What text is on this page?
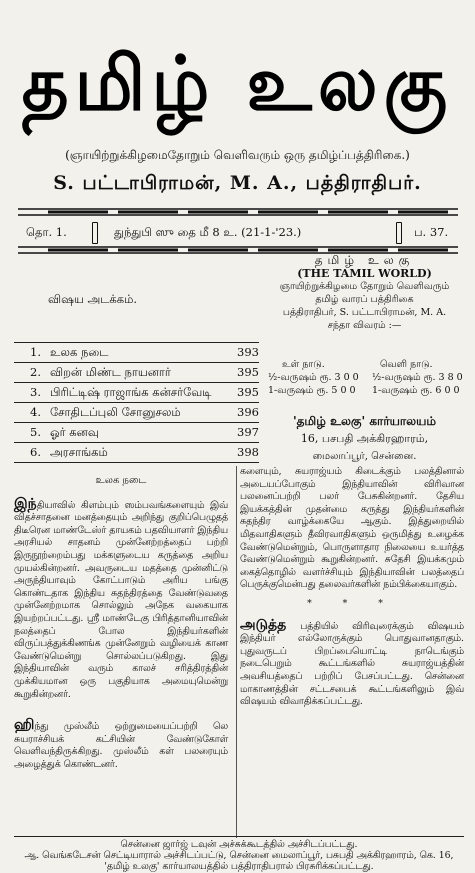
தமிழ் உலகு
(ஞாயிற்றுக்கிழமைதோறும் வெளிவரும் ஒரு தமிழ்ப்பத்திரிகை.)
S. பட்டாபிராமன், M. A., பத்திராதிபர்.
தொ. 1.	துந்துபி ஸு தை மீ 8 உ. (21-1-'23.)	ப. 37.
விஷய அடக்கம்.
1. உலக நடை	393
2. விறன் மிண்ட நாயனார்	395
3. பிரிட்டிஷ் ராஜாங்க கன்சர்வேடி 395
4. சோதிடப்புலி சோனுசலம்	396
5. ஓர் கனவு	397
6. அரசாங்கம்	398
தமிழ் உலகு
(THE TAMIL WORLD)
ஞாயிற்றுக்கிழமை தோறும் வெளிவரும்
தமிழ் வாரப் பத்திரிகை
பத்திராதிபர், S. பட்டாபிராமன், M. A.
சந்தா விவரம் :—
உள் நாடு.	வெளி நாடு.
½-வருஷம் ரூ. 3 0 0 ½-வருஷம் ரூ. 3 8 0
1-வருஷம் ரூ. 5 0 0 1-வருஷம் ரூ. 6 0 0
'தமிழ் உலகு' கார்யாலயம்
16, பசபதி அக்கிரஹாரம்,
மைலாப்பூர், சென்னை.
உலக நடை

இந்தியாவில் கிளம்பும் ஸம்பவங்களையும் இவ் விதச்சாதனை மனத்தையும் அறிந்து குறிப்பெழுதத் திடீரென மாண்டேஸ்ர் தாயகம் பதவியாளர் இந்திய அரசியல் சாதனம் முன்னேற்றத்தைப் பற்றி இருநூற்றைம்பது மக்களுடைய கருத்தை அறிய முயல்கின்றனர். அவருடைய மதத்தை முன்னிட்டு அருந்தியாவும் கோட்பாடும் அரிய பங்கு கொண்டதாக இந்திய சுதந்திரத்தை வேண்டுவதை முன்னேற்றமாக சொல்லும் அநேக வகையாக இயற்றப்பட்டது. ஸ்ரீ மாண்டேகு பிரித்தானியாவின் நலத்தைப் போல இந்தியர்களின் விருப்பத்துக்கிணங்க முன்னேறும் வழியைக் காண வேண்டுமென்று சொல்லப்படுகிறது. இது இந்தியாவின் வரும் காலச் சரித்திரத்தின் முக்கியமான ஒரு பகுதியாக அமையுமென்று கூறுகின்றனர்.

ஹிந்து முஸ்லீம் ஒற்றுமையைப்பற்றி லெ சுயராச்சியக் கட்சியின் வேண்டுகோள் வெளிவந்திருக்கிறது. முஸ்லீம் கள் பலரையும் அழைத்துக் கொண்டனர்.

களையும், சுயராஜ்யம் கிடைக்கும் பலத்தினால் அடையப்போகும் இந்தியாவின் விரிவான பலனைப்பற்றி பலர் பேசுகின்றனர். தேசிய இயக்கத்தின் முதன்மை கருத்து இந்தியர்களின் சுதந்திர வாழ்க்கையே ஆகும். இத்துறையில் மிதவாதிகளும் தீவிரவாதிகளும் ஒருமித்து உழைக்க வேண்டுமென்றும், பொருளாதார நிலையை உயர்த்த வேண்டுமென்றும் கூறுகின்றனர். சுதேசி இயக்கமும் கைத்தொழில் வளர்ச்சியும் இந்தியாவின் பலத்தைப் பெருக்குமென்பது தலைவர்களின் நம்பிக்கையாகும்.

* * *

அடுத்த பத்தியில் விரிவுரைக்கும் விஷயம் இந்தியர் எல்லோருக்கும் பொதுவானதாகும். புதுவருடப் பிறப்பையொட்டி நாடெங்கும் நடைபெறும் கூட்டங்களில் சுயராஜ்யத்தின் அவசியத்தைப் பற்றிப் பேசப்பட்டது. சென்னை மாகாணத்தின் சட்டசபைக் கூட்டங்களிலும் இவ் விஷயம் விவாதிக்கப்பட்டது.

சென்னை ஜார்ஜ் டவுன் அச்சுக்கூடத்தில் அச்சிடப்பட்டது.
ஆ. வெங்கடேசன் செட்டியாரால் அச்சிடப்பட்டு, சென்னை மைலாப்பூர், பசுபதி அக்கிரஹாரம், கெ. 16,
'தமிழ் உலகு' கார்யாலயத்தில் பத்திராதிபரால் பிரசுரிக்கப்பட்டது.
